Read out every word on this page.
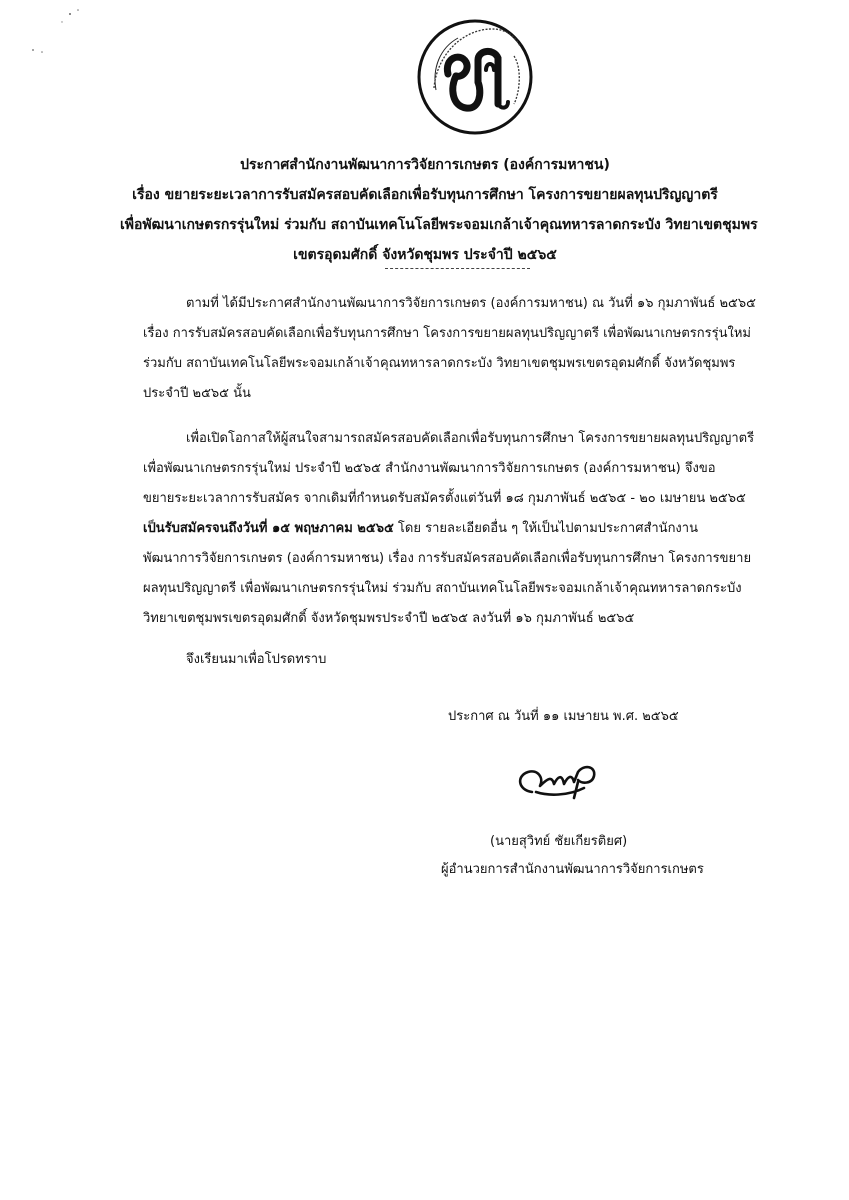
ประกาศสำนักงานพัฒนาการวิจัยการเกษตร (องค์การมหาชน)
เรื่อง ขยายระยะเวลาการรับสมัครสอบคัดเลือกเพื่อรับทุนการศึกษา โครงการขยายผลทุนปริญญาตรี
เพื่อพัฒนาเกษตรกรรุ่นใหม่ ร่วมกับ สถาบันเทคโนโลยีพระจอมเกล้าเจ้าคุณทหารลาดกระบัง วิทยาเขตชุมพร
เขตรอุดมศักดิ์ จังหวัดชุมพร ประจำปี ๒๕๖๕
ตามที่ ได้มีประกาศสำนักงานพัฒนาการวิจัยการเกษตร (องค์การมหาชน) ณ วันที่ ๑๖ กุมภาพันธ์ ๒๕๖๕
เรื่อง การรับสมัครสอบคัดเลือกเพื่อรับทุนการศึกษา โครงการขยายผลทุนปริญญาตรี เพื่อพัฒนาเกษตรกรรุ่นใหม่
ร่วมกับ สถาบันเทคโนโลยีพระจอมเกล้าเจ้าคุณทหารลาดกระบัง วิทยาเขตชุมพรเขตรอุดมศักดิ์ จังหวัดชุมพร
ประจำปี ๒๕๖๕ นั้น
เพื่อเปิดโอกาสให้ผู้สนใจสามารถสมัครสอบคัดเลือกเพื่อรับทุนการศึกษา โครงการขยายผลทุนปริญญาตรี
เพื่อพัฒนาเกษตรกรรุ่นใหม่ ประจำปี ๒๕๖๕ สำนักงานพัฒนาการวิจัยการเกษตร (องค์การมหาชน) จึงขอ
ขยายระยะเวลาการรับสมัคร จากเดิมที่กำหนดรับสมัครตั้งแต่วันที่ ๑๘ กุมภาพันธ์ ๒๕๖๕ - ๒๐ เมษายน ๒๕๖๕
เป็นรับสมัครจนถึงวันที่ ๑๕ พฤษภาคม ๒๕๖๕ โดย รายละเอียดอื่น ๆ ให้เป็นไปตามประกาศสำนักงาน
พัฒนาการวิจัยการเกษตร (องค์การมหาชน) เรื่อง การรับสมัครสอบคัดเลือกเพื่อรับทุนการศึกษา โครงการขยาย
ผลทุนปริญญาตรี เพื่อพัฒนาเกษตรกรรุ่นใหม่ ร่วมกับ สถาบันเทคโนโลยีพระจอมเกล้าเจ้าคุณทหารลาดกระบัง
วิทยาเขตชุมพรเขตรอุดมศักดิ์ จังหวัดชุมพรประจำปี ๒๕๖๕ ลงวันที่ ๑๖ กุมภาพันธ์ ๒๕๖๕
จึงเรียนมาเพื่อโปรดทราบ
ประกาศ ณ วันที่ ๑๑ เมษายน พ.ศ. ๒๕๖๕
(นายสุวิทย์ ชัยเกียรติยศ)
ผู้อำนวยการสำนักงานพัฒนาการวิจัยการเกษตร
